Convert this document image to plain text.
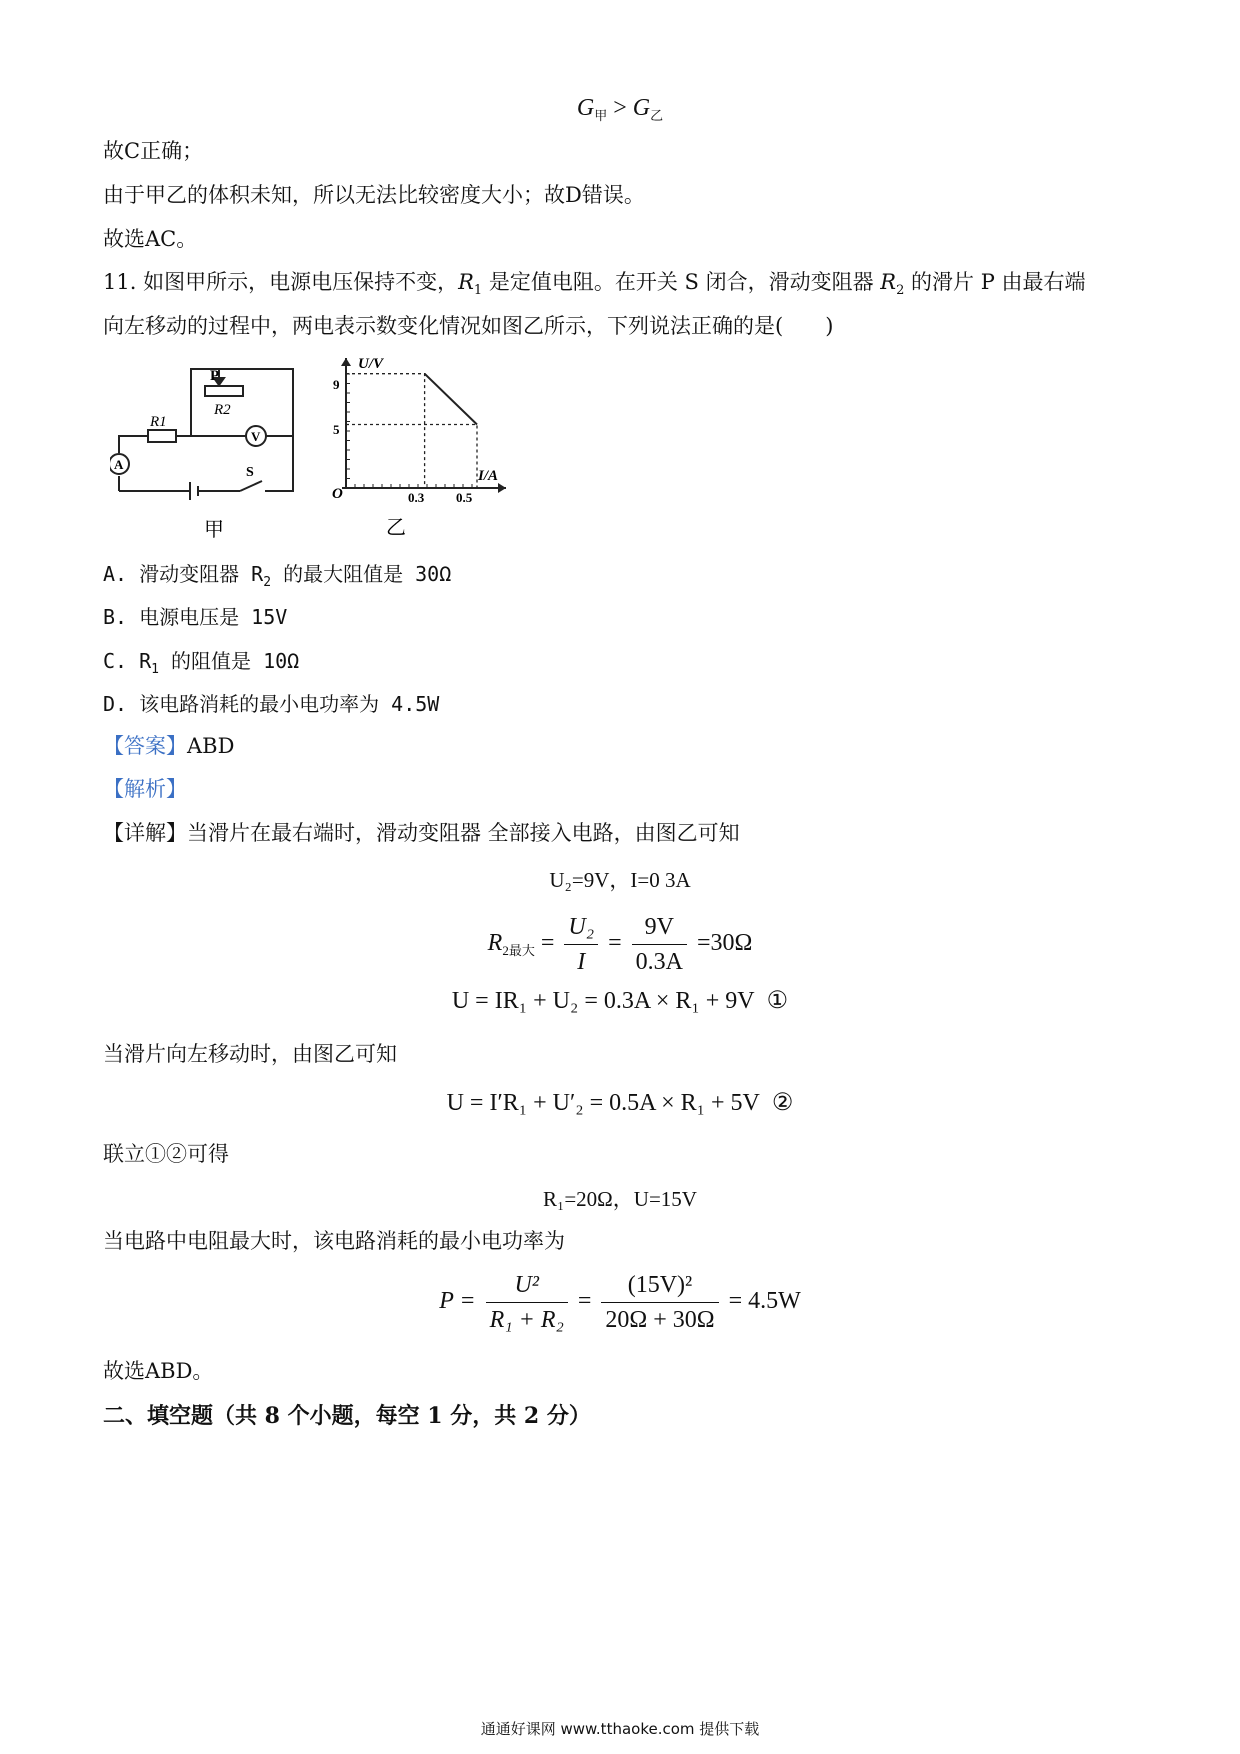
$G_甲 > G_乙$
故C正确；
由于甲乙的体积未知，所以无法比较密度大小；故D错误。
故选AC。
11. 如图甲所示，电源电压保持不变，$R_1$ 是定值电阻。在开关 S 闭合，滑动变阻器 $R_2$ 的滑片 P 由最右端
向左移动的过程中，两电表示数变化情况如图乙所示，下列说法正确的是(　　)
P
R2
R1
V
A
S
甲
U/V
I/A
O
9
5
0.3 0.5
乙
A. 滑动变阻器 $R_2$ 的最大阻值是 30Ω
B. 电源电压是 15V
C. $R_1$ 的阻值是 10Ω
D. 该电路消耗的最小电功率为 4.5W
【答案】ABD
【解析】
【详解】当滑片在最右端时，滑动变阻器 全部接入电路，由图乙可知
U₂=9V，I=0 3A
$R_{2最大} = \frac{\text{U₂}}{I} = \frac{9V}{0.3A} =30\Omega$
U = IR₁ + U₂ = 0.3A × R₁ + 9V ①
当滑片向左移动时，由图乙可知
U = I′R₁ + U′₂ = 0.5A × R₁ + 5V ②
联立①②可得
R₁=20Ω，U=15V
当电路中电阻最大时，该电路消耗的最小电功率为
$P = \frac{\text{U²}}{\text{R₁ + R₂}} = \frac{\text{(15V)²}}{20\Omega + 30\Omega} = 4.5W$
故选ABD。
二、填空题（共 8 个小题，每空 1 分，共 2 分）
通通好课网 www.tthaoke.com 提供下载
